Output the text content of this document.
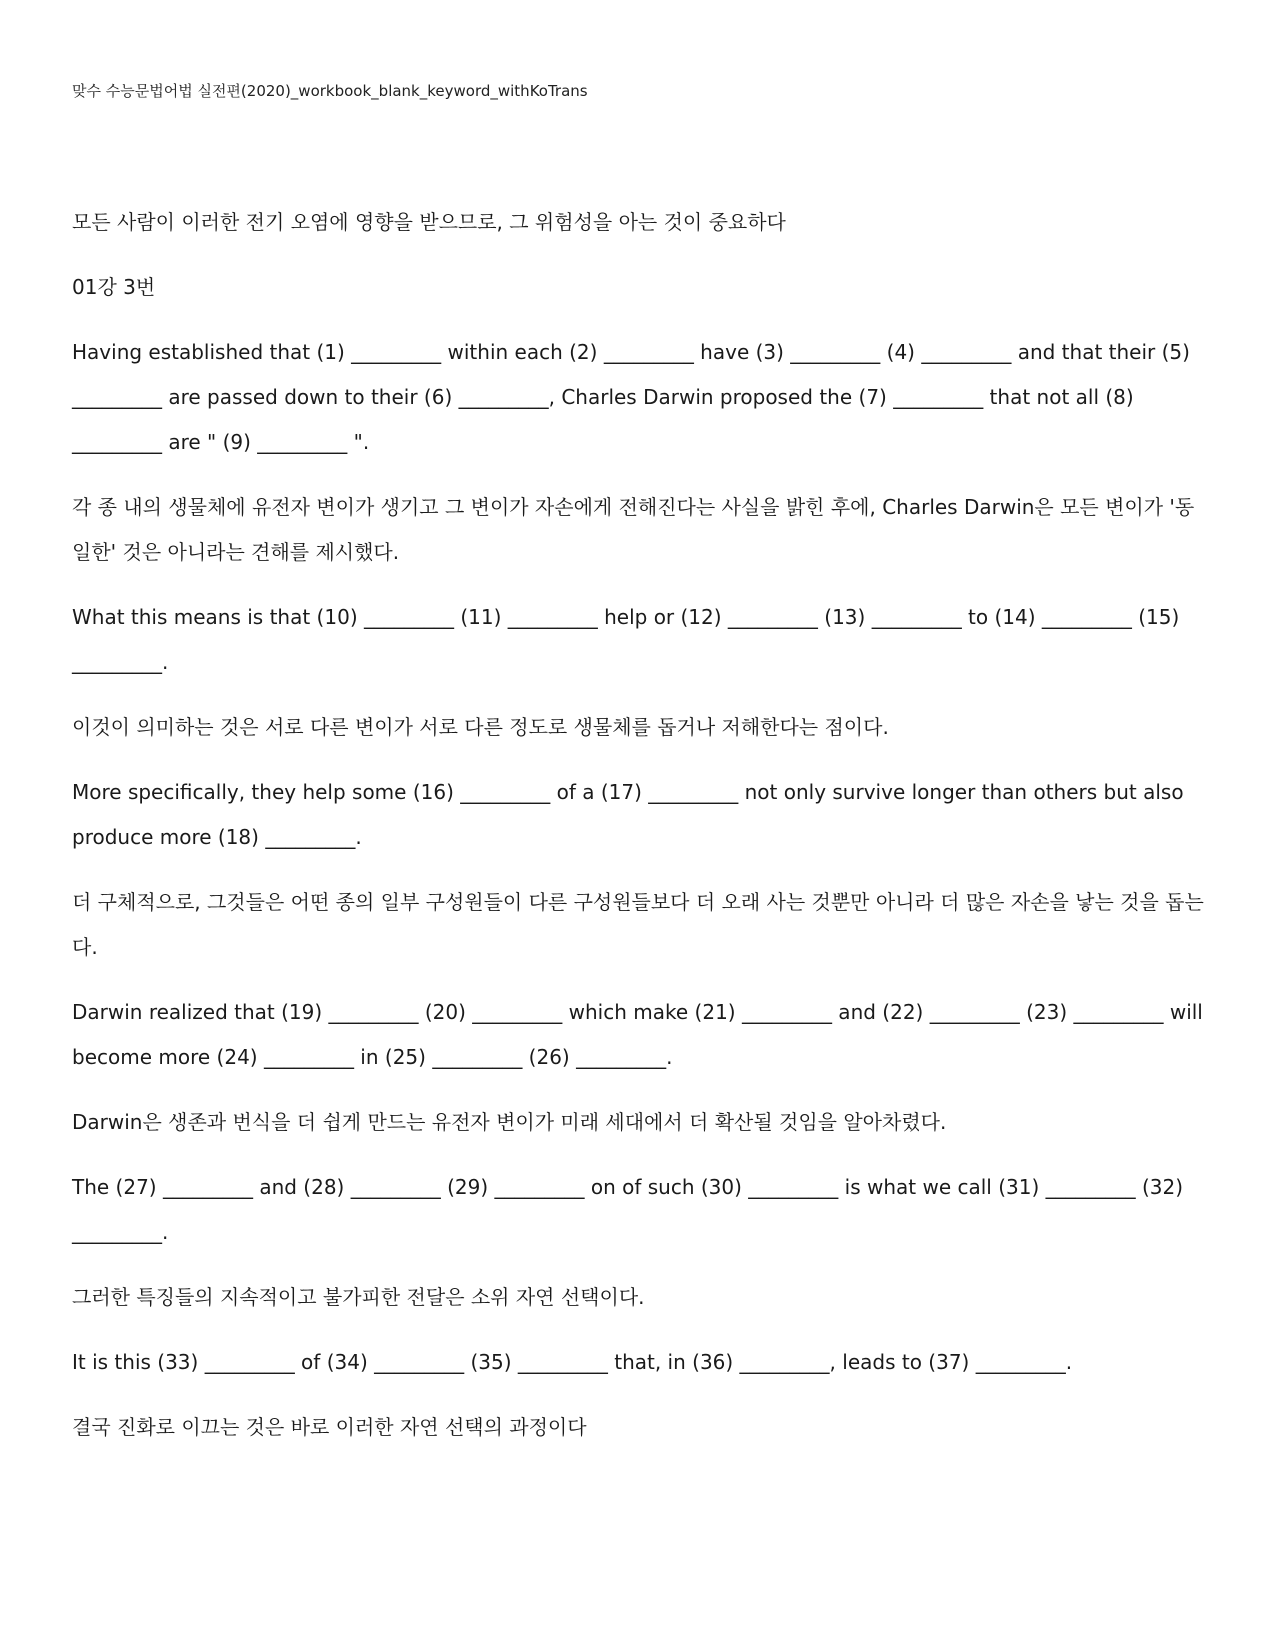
맞수 수능문법어법 실전편(2020)_workbook_blank_keyword_withKoTrans

모든 사람이 이러한 전기 오염에 영향을 받으므로, 그 위험성을 아는 것이 중요하다

01강 3번

Having established that (1) _________ within each (2) _________ have (3) _________ (4) _________ and that their (5) _________ are passed down to their (6) _________, Charles Darwin proposed the (7) _________ that not all (8) _________ are " (9) _________ ".

각 종 내의 생물체에 유전자 변이가 생기고 그 변이가 자손에게 전해진다는 사실을 밝힌 후에, Charles Darwin은 모든 변이가 '동일한' 것은 아니라는 견해를 제시했다.

What this means is that (10) _________ (11) _________ help or (12) _________ (13) _________ to (14) _________ (15) _________.

이것이 의미하는 것은 서로 다른 변이가 서로 다른 정도로 생물체를 돕거나 저해한다는 점이다.

More specifically, they help some (16) _________ of a (17) _________ not only survive longer than others but also produce more (18) _________.

더 구체적으로, 그것들은 어떤 종의 일부 구성원들이 다른 구성원들보다 더 오래 사는 것뿐만 아니라 더 많은 자손을 낳는 것을 돕는다.

Darwin realized that (19) _________ (20) _________ which make (21) _________ and (22) _________ (23) _________ will become more (24) _________ in (25) _________ (26) _________.

Darwin은 생존과 번식을 더 쉽게 만드는 유전자 변이가 미래 세대에서 더 확산될 것임을 알아차렸다.

The (27) _________ and (28) _________ (29) _________ on of such (30) _________ is what we call (31) _________ (32) _________.

그러한 특징들의 지속적이고 불가피한 전달은 소위 자연 선택이다.

It is this (33) _________ of (34) _________ (35) _________ that, in (36) _________, leads to (37) _________.

결국 진화로 이끄는 것은 바로 이러한 자연 선택의 과정이다
